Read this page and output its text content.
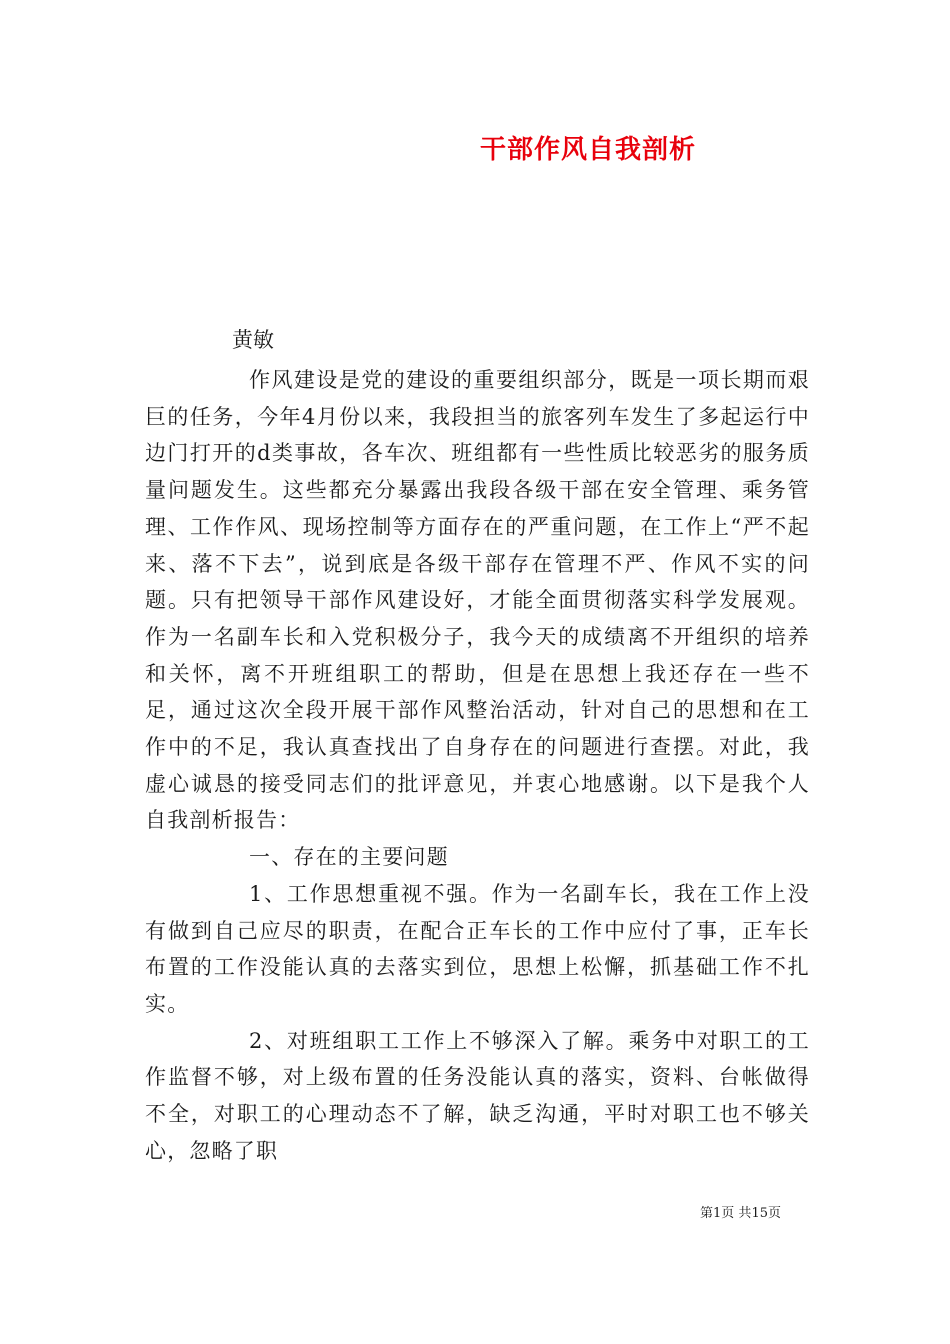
干部作风自我剖析

黄敏

作风建设是党的建设的重要组织部分，既是一项长期而艰巨的任务，今年4月份以来，我段担当的旅客列车发生了多起运行中边门打开的d类事故，各车次、班组都有一些性质比较恶劣的服务质量问题发生。这些都充分暴露出我段各级干部在安全管理、乘务管理、工作作风、现场控制等方面存在的严重问题，在工作上“严不起来、落不下去”，说到底是各级干部存在管理不严、作风不实的问题。只有把领导干部作风建设好，才能全面贯彻落实科学发展观。作为一名副车长和入党积极分子，我今天的成绩离不开组织的培养和关怀，离不开班组职工的帮助，但是在思想上我还存在一些不足，通过这次全段开展干部作风整治活动，针对自己的思想和在工作中的不足，我认真查找出了自身存在的问题进行查摆。对此，我虚心诚恳的接受同志们的批评意见，并衷心地感谢。以下是我个人自我剖析报告：

一、存在的主要问题

1、工作思想重视不强。作为一名副车长，我在工作上没有做到自己应尽的职责，在配合正车长的工作中应付了事，正车长布置的工作没能认真的去落实到位，思想上松懈，抓基础工作不扎实。

2、对班组职工工作上不够深入了解。乘务中对职工的工作监督不够，对上级布置的任务没能认真的落实，资料、台帐做得不全，对职工的心理动态不了解，缺乏沟通，平时对职工也不够关心，忽略了职

第1页 共15页
